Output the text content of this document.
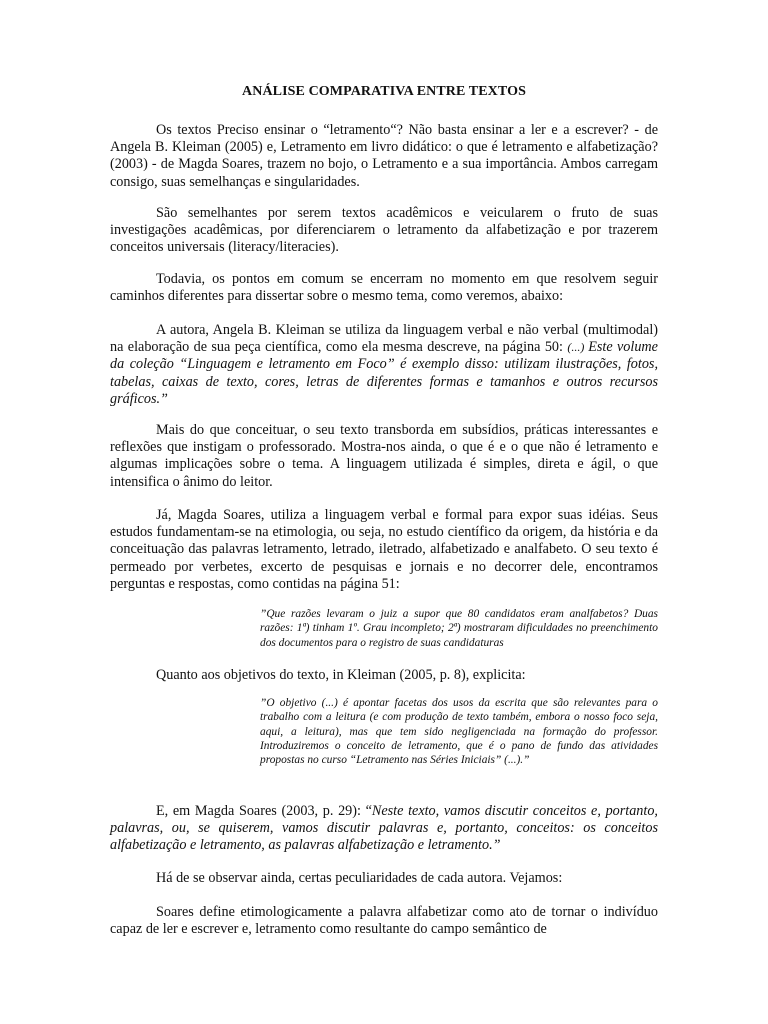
ANÁLISE COMPARATIVA ENTRE TEXTOS

Os textos Preciso ensinar o “letramento“? Não basta ensinar a ler e a escrever? - de Angela B. Kleiman (2005) e, Letramento em livro didático: o que é letramento e alfabetização? (2003) - de Magda Soares, trazem no bojo, o Letramento e a sua importância. Ambos carregam consigo, suas semelhanças e singularidades.

São semelhantes por serem textos acadêmicos e veicularem o fruto de suas investigações acadêmicas, por diferenciarem o letramento da alfabetização e por trazerem conceitos universais (literacy/literacies).

Todavia, os pontos em comum se encerram no momento em que resolvem seguir caminhos diferentes para dissertar sobre o mesmo tema, como veremos, abaixo:

A autora, Angela B. Kleiman se utiliza da linguagem verbal e não verbal (multimodal) na elaboração de sua peça científica, como ela mesma descreve, na página 50: (...) Este volume da coleção “Linguagem e letramento em Foco” é exemplo disso: utilizam ilustrações, fotos, tabelas, caixas de texto, cores, letras de diferentes formas e tamanhos e outros recursos gráficos.”

Mais do que conceituar, o seu texto transborda em subsídios, práticas interessantes e reflexões que instigam o professorado. Mostra-nos ainda, o que é e o que não é letramento e algumas implicações sobre o tema. A linguagem utilizada é simples, direta e ágil, o que intensifica o ânimo do leitor.

Já, Magda Soares, utiliza a linguagem verbal e formal para expor suas idéias. Seus estudos fundamentam-se na etimologia, ou seja, no estudo científico da origem, da história e da conceituação das palavras letramento, letrado, iletrado, alfabetizado e analfabeto. O seu texto é permeado por verbetes, excerto de pesquisas e jornais e no decorrer dele, encontramos perguntas e respostas, como contidas na página 51:

”Que razões levaram o juiz a supor que 80 candidatos eram analfabetos? Duas razões: 1ª) tinham 1º. Grau incompleto; 2ª) mostraram dificuldades no preenchimento dos documentos para o registro de suas candidaturas

Quanto aos objetivos do texto, in Kleiman (2005, p. 8), explicita:

”O objetivo (...) é apontar facetas dos usos da escrita que são relevantes para o trabalho com a leitura (e com produção de texto também, embora o nosso foco seja, aqui, a leitura), mas que tem sido negligenciada na formação do professor. Introduziremos o conceito de letramento, que é o pano de fundo das atividades propostas no curso “Letramento nas Séries Iniciais” (...).”

E, em Magda Soares (2003, p. 29): “Neste texto, vamos discutir conceitos e, portanto, palavras, ou, se quiserem, vamos discutir palavras e, portanto, conceitos: os conceitos alfabetização e letramento, as palavras alfabetização e letramento.”

Há de se observar ainda, certas peculiaridades de cada autora. Vejamos:

Soares define etimologicamente a palavra alfabetizar como ato de tornar o indivíduo capaz de ler e escrever e, letramento como resultante do campo semântico de
